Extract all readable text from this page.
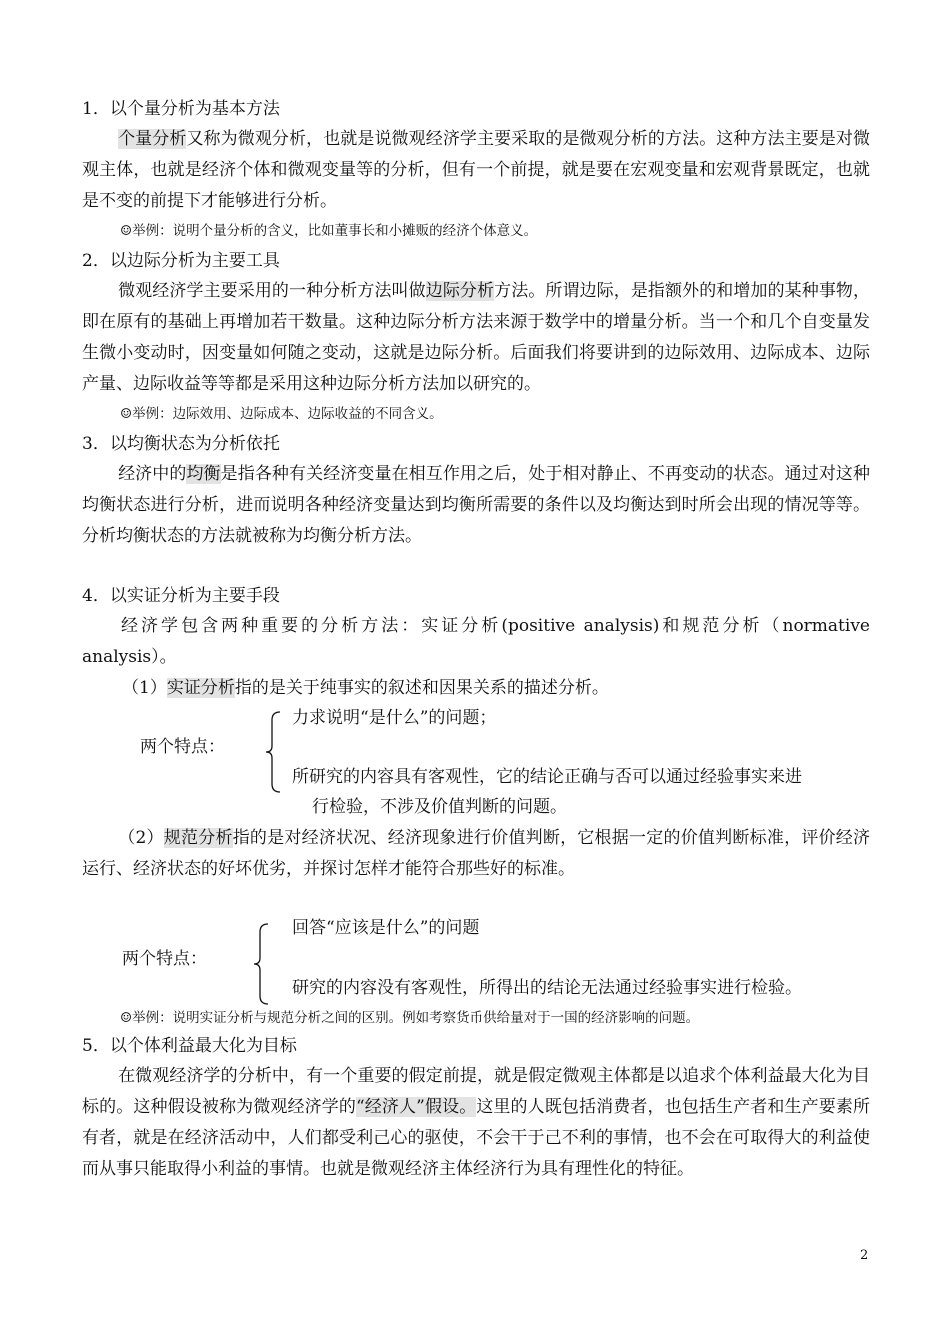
1．以个量分析为基本方法
个量分析又称为微观分析，也就是说微观经济学主要采取的是微观分析的方法。这种方法主要是对微观主体，也就是经济个体和微观变量等的分析，但有一个前提，就是要在宏观变量和宏观背景既定，也就是不变的前提下才能够进行分析。
☺举例：说明个量分析的含义，比如董事长和小摊贩的经济个体意义。
2．以边际分析为主要工具
微观经济学主要采用的一种分析方法叫做边际分析方法。所谓边际，是指额外的和增加的某种事物，即在原有的基础上再增加若干数量。这种边际分析方法来源于数学中的增量分析。当一个和几个自变量发生微小变动时，因变量如何随之变动，这就是边际分析。后面我们将要讲到的边际效用、边际成本、边际产量、边际收益等等都是采用这种边际分析方法加以研究的。
☺举例：边际效用、边际成本、边际收益的不同含义。
3．以均衡状态为分析依托
经济中的均衡是指各种有关经济变量在相互作用之后，处于相对静止、不再变动的状态。通过对这种均衡状态进行分析，进而说明各种经济变量达到均衡所需要的条件以及均衡达到时所会出现的情况等等。分析均衡状态的方法就被称为均衡分析方法。
4．以实证分析为主要手段
经济学包含两种重要的分析方法：实证分析(positive analysis)和规范分析（normative analysis）。
（1）实证分析指的是关于纯事实的叙述和因果关系的描述分析。
两个特点：
力求说明“是什么”的问题；
所研究的内容具有客观性，它的结论正确与否可以通过经验事实来进
行检验，不涉及价值判断的问题。
（2）规范分析指的是对经济状况、经济现象进行价值判断，它根据一定的价值判断标准，评价经济运行、经济状态的好坏优劣，并探讨怎样才能符合那些好的标准。
两个特点：
回答“应该是什么”的问题
研究的内容没有客观性，所得出的结论无法通过经验事实进行检验。
☺举例：说明实证分析与规范分析之间的区别。例如考察货币供给量对于一国的经济影响的问题。
5．以个体利益最大化为目标
在微观经济学的分析中，有一个重要的假定前提，就是假定微观主体都是以追求个体利益最大化为目标的。这种假设被称为微观经济学的“经济人”假设。这里的人既包括消费者，也包括生产者和生产要素所有者，就是在经济活动中，人们都受利己心的驱使，不会干于己不利的事情，也不会在可取得大的利益使而从事只能取得小利益的事情。也就是微观经济主体经济行为具有理性化的特征。
2
